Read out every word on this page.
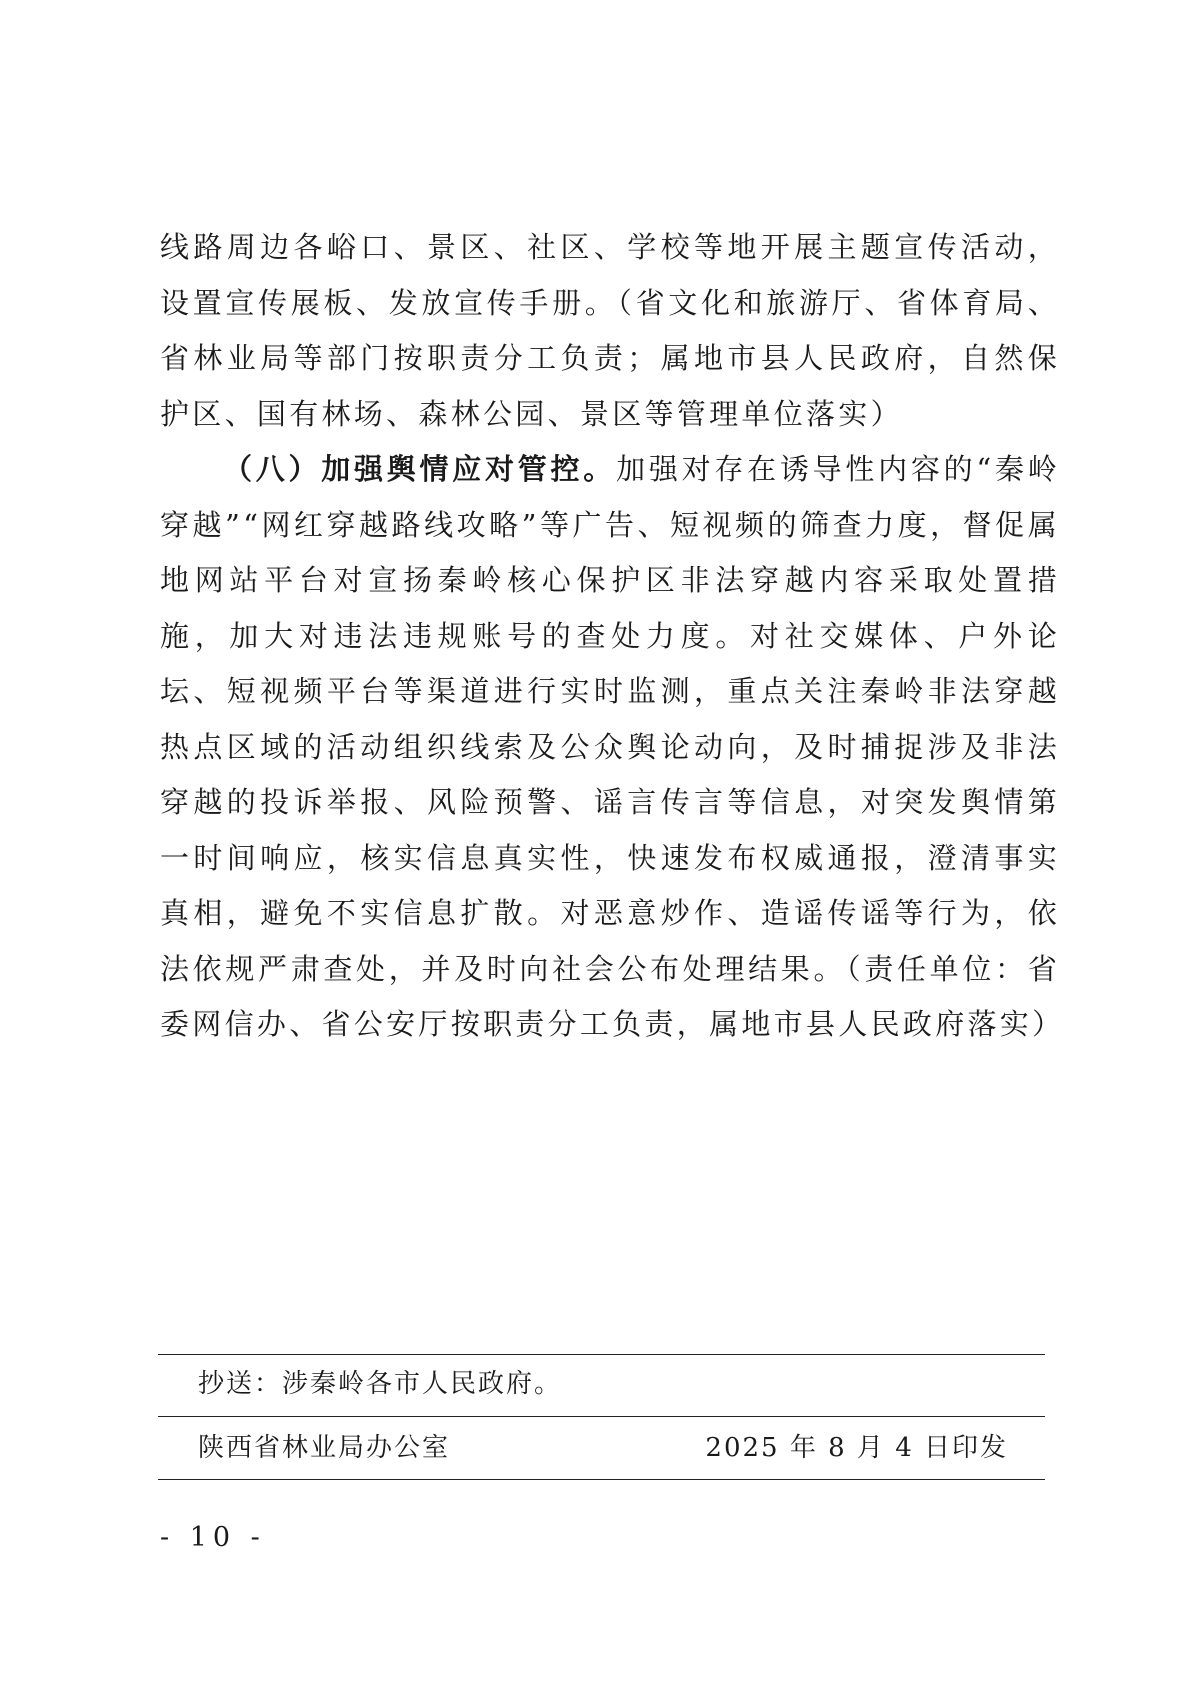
线路周边各峪口、景区、社区、学校等地开展主题宣传活动，设置宣传展板、发放宣传手册。（省文化和旅游厅、省体育局、省林业局等部门按职责分工负责；属地市县人民政府，自然保护区、国有林场、森林公园、景区等管理单位落实）

（八）加强舆情应对管控。加强对存在诱导性内容的“秦岭穿越”“网红穿越路线攻略”等广告、短视频的筛查力度，督促属地网站平台对宣扬秦岭核心保护区非法穿越内容采取处置措施，加大对违法违规账号的查处力度。对社交媒体、户外论坛、短视频平台等渠道进行实时监测，重点关注秦岭非法穿越热点区域的活动组织线索及公众舆论动向，及时捕捉涉及非法穿越的投诉举报、风险预警、谣言传言等信息，对突发舆情第一时间响应，核实信息真实性，快速发布权威通报，澄清事实真相，避免不实信息扩散。对恶意炒作、造谣传谣等行为，依法依规严肃查处，并及时向社会公布处理结果。（责任单位：省委网信办、省公安厅按职责分工负责，属地市县人民政府落实）

抄送：涉秦岭各市人民政府。
陕西省林业局办公室	2025 年 8 月 4 日印发
- 10 -
